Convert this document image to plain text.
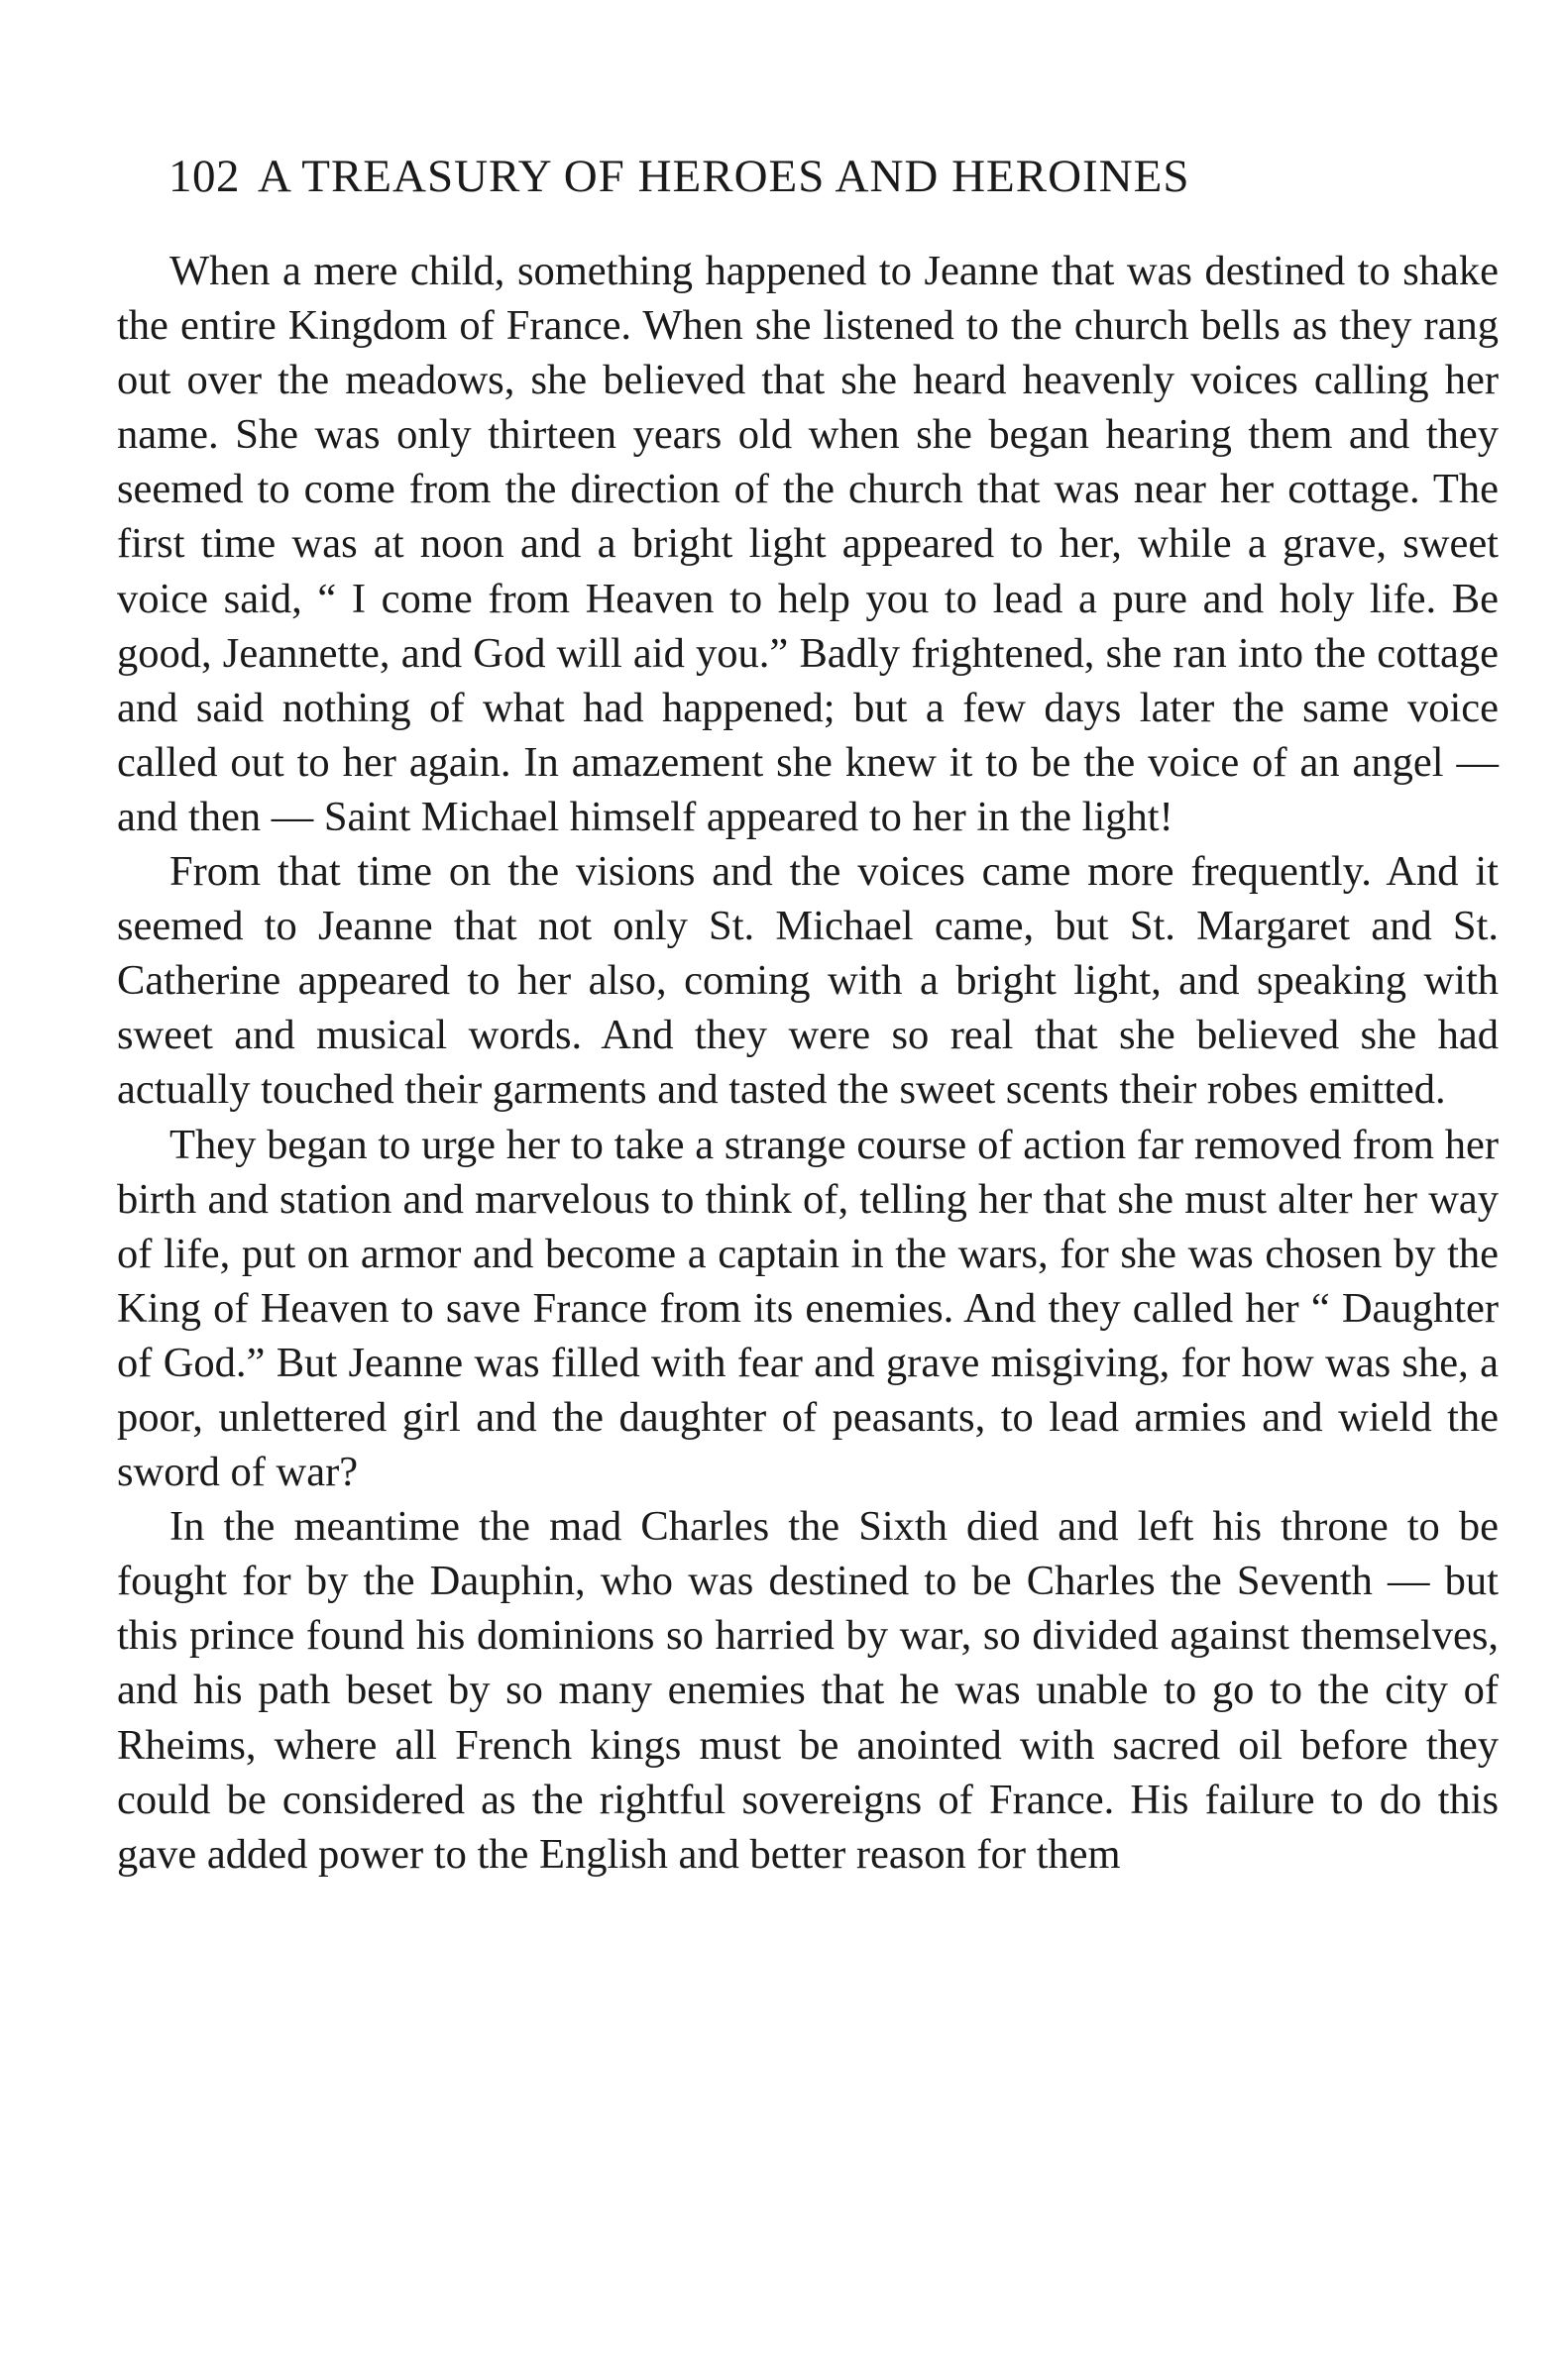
102 A TREASURY OF HEROES AND HEROINES

When a mere child, something happened to Jeanne that was destined to shake the entire Kingdom of France. When she listened to the church bells as they rang out over the meadows, she believed that she heard heavenly voices calling her name. She was only thirteen years old when she began hearing them and they seemed to come from the direction of the church that was near her cottage. The first time was at noon and a bright light appeared to her, while a grave, sweet voice said, “ I come from Heaven to help you to lead a pure and holy life. Be good, Jeannette, and God will aid you.” Badly frightened, she ran into the cottage and said nothing of what had happened; but a few days later the same voice called out to her again. In amazement she knew it to be the voice of an angel — and then — Saint Michael himself appeared to her in the light!

From that time on the visions and the voices came more frequently. And it seemed to Jeanne that not only St. Michael came, but St. Margaret and St. Catherine appeared to her also, coming with a bright light, and speaking with sweet and musical words. And they were so real that she believed she had actually touched their garments and tasted the sweet scents their robes emitted.

They began to urge her to take a strange course of action far removed from her birth and station and marvelous to think of, telling her that she must alter her way of life, put on armor and become a captain in the wars, for she was chosen by the King of Heaven to save France from its enemies. And they called her “ Daughter of God.” But Jeanne was filled with fear and grave misgiving, for how was she, a poor, unlettered girl and the daughter of peasants, to lead armies and wield the sword of war?

In the meantime the mad Charles the Sixth died and left his throne to be fought for by the Dauphin, who was destined to be Charles the Seventh — but this prince found his dominions so harried by war, so divided against themselves, and his path beset by so many enemies that he was unable to go to the city of Rheims, where all French kings must be anointed with sacred oil before they could be considered as the rightful sovereigns of France. His failure to do this gave added power to the English and better reason for them
